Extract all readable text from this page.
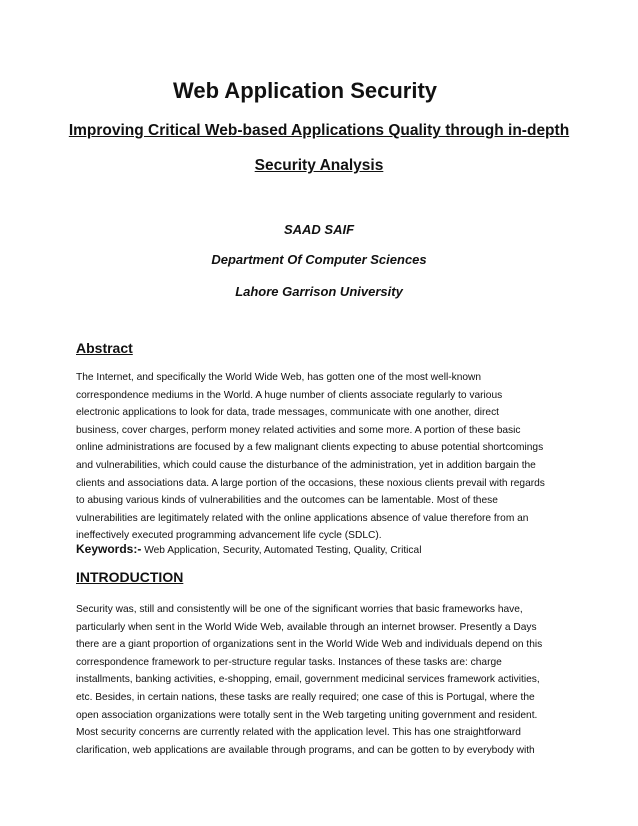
Web Application Security

Improving Critical Web-based Applications Quality through in-depth

Security Analysis

SAAD SAIF

Department Of Computer Sciences

Lahore Garrison University

Abstract
The Internet, and specifically the World Wide Web, has gotten one of the most well-known
correspondence mediums in the World. A huge number of clients associate regularly to various
electronic applications to look for data, trade messages, communicate with one another, direct
business, cover charges, perform money related activities and some more. A portion of these basic
online administrations are focused by a few malignant clients expecting to abuse potential shortcomings
and vulnerabilities, which could cause the disturbance of the administration, yet in addition bargain the
clients and associations data. A large portion of the occasions, these noxious clients prevail with regards
to abusing various kinds of vulnerabilities and the outcomes can be lamentable. Most of these
vulnerabilities are legitimately related with the online applications absence of value therefore from an
ineffectively executed programming advancement life cycle (SDLC).

Keywords:- Web Application, Security, Automated Testing, Quality, Critical

INTRODUCTION
Security was, still and consistently will be one of the significant worries that basic frameworks have,
particularly when sent in the World Wide Web, available through an internet browser. Presently a Days
there are a giant proportion of organizations sent in the World Wide Web and individuals depend on this
correspondence framework to per-structure regular tasks. Instances of these tasks are: charge
installments, banking activities, e-shopping, email, government medicinal services framework activities,
etc. Besides, in certain nations, these tasks are really required; one case of this is Portugal, where the
open association organizations were totally sent in the Web targeting uniting government and resident.
Most security concerns are currently related with the application level. This has one straightforward
clarification, web applications are available through programs, and can be gotten to by everybody with
